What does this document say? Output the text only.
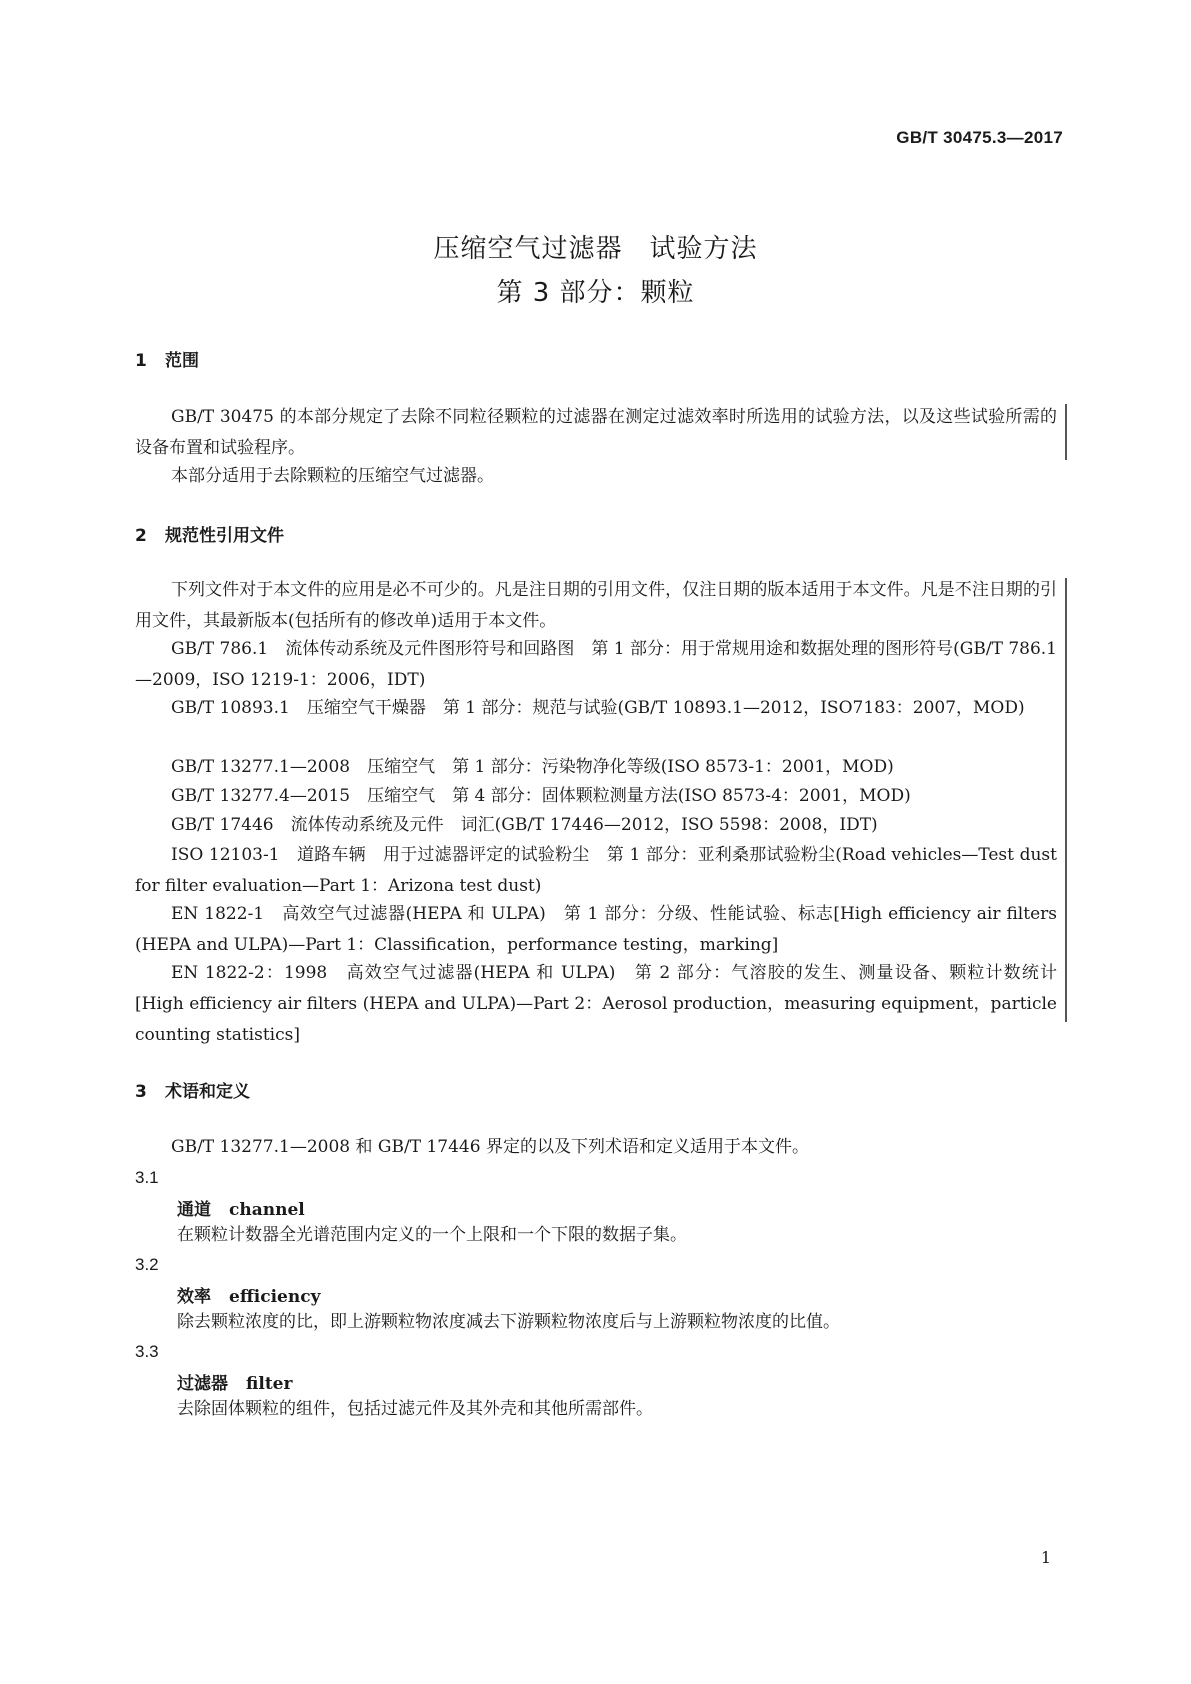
GB/T 30475.3—2017
压缩空气过滤器　试验方法
第 3 部分：颗粒
1 范围
GB/T 30475 的本部分规定了去除不同粒径颗粒的过滤器在测定过滤效率时所选用的试验方法，以及这些试验所需的设备布置和试验程序。
本部分适用于去除颗粒的压缩空气过滤器。
2 规范性引用文件
下列文件对于本文件的应用是必不可少的。凡是注日期的引用文件，仅注日期的版本适用于本文件。凡是不注日期的引用文件，其最新版本(包括所有的修改单)适用于本文件。
GB/T 786.1　流体传动系统及元件图形符号和回路图　第 1 部分：用于常规用途和数据处理的图形符号(GB/T 786.1—2009，ISO 1219-1：2006，IDT)
GB/T 10893.1　压缩空气干燥器　第 1 部分：规范与试验(GB/T 10893.1—2012，ISO7183：2007，MOD)
GB/T 13277.1—2008　压缩空气　第 1 部分：污染物净化等级(ISO 8573-1：2001，MOD)
GB/T 13277.4—2015　压缩空气　第 4 部分：固体颗粒测量方法(ISO 8573-4：2001，MOD)
GB/T 17446　流体传动系统及元件　词汇(GB/T 17446—2012，ISO 5598：2008，IDT)
ISO 12103-1　道路车辆　用于过滤器评定的试验粉尘　第 1 部分：亚利桑那试验粉尘(Road vehicles—Test dust for filter evaluation—Part 1：Arizona test dust)
EN 1822-1　高效空气过滤器(HEPA 和 ULPA)　第 1 部分：分级、性能试验、标志[High efficiency air filters (HEPA and ULPA)—Part 1：Classification，performance testing，marking]
EN 1822-2：1998　高效空气过滤器(HEPA 和 ULPA)　第 2 部分：气溶胶的发生、测量设备、颗粒计数统计[High efficiency air filters (HEPA and ULPA)—Part 2：Aerosol production，measuring equipment，particle counting statistics]
3 术语和定义
GB/T 13277.1—2008 和 GB/T 17446 界定的以及下列术语和定义适用于本文件。
3.1
通道 channel
在颗粒计数器全光谱范围内定义的一个上限和一个下限的数据子集。
3.2
效率 efficiency
除去颗粒浓度的比，即上游颗粒物浓度减去下游颗粒物浓度后与上游颗粒物浓度的比值。
3.3
过滤器 filter
去除固体颗粒的组件，包括过滤元件及其外壳和其他所需部件。
1
